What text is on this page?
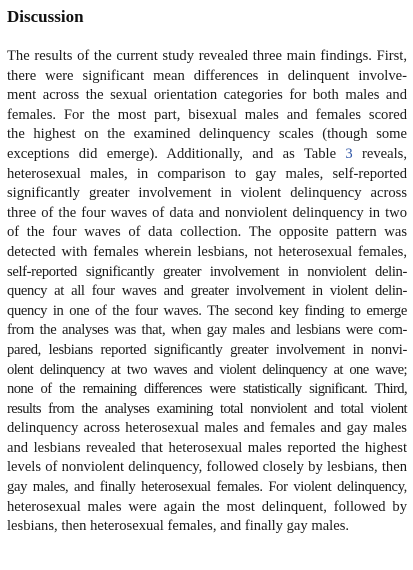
Discussion

The results of the current study revealed three main findings. First,
there were significant mean differences in delinquent involve-
ment across the sexual orientation categories for both males and
females. For the most part, bisexual males and females scored
the highest on the examined delinquency scales (though some
exceptions did emerge). Additionally, and as Table 3 reveals,
heterosexual males, in comparison to gay males, self-reported
significantly greater involvement in violent delinquency across
three of the four waves of data and nonviolent delinquency in two
of the four waves of data collection. The opposite pattern was
detected with females wherein lesbians, not heterosexual females,
self-reported significantly greater involvement in nonviolent delin-
quency at all four waves and greater involvement in violent delin-
quency in one of the four waves. The second key finding to emerge
from the analyses was that, when gay males and lesbians were com-
pared, lesbians reported significantly greater involvement in nonvi-
olent delinquency at two waves and violent delinquency at one wave;
none of the remaining differences were statistically significant. Third,
results from the analyses examining total nonviolent and total violent
delinquency across heterosexual males and females and gay males
and lesbians revealed that heterosexual males reported the highest
levels of nonviolent delinquency, followed closely by lesbians, then
gay males, and finally heterosexual females. For violent delinquency,
heterosexual males were again the most delinquent, followed by
lesbians, then heterosexual females, and finally gay males.
